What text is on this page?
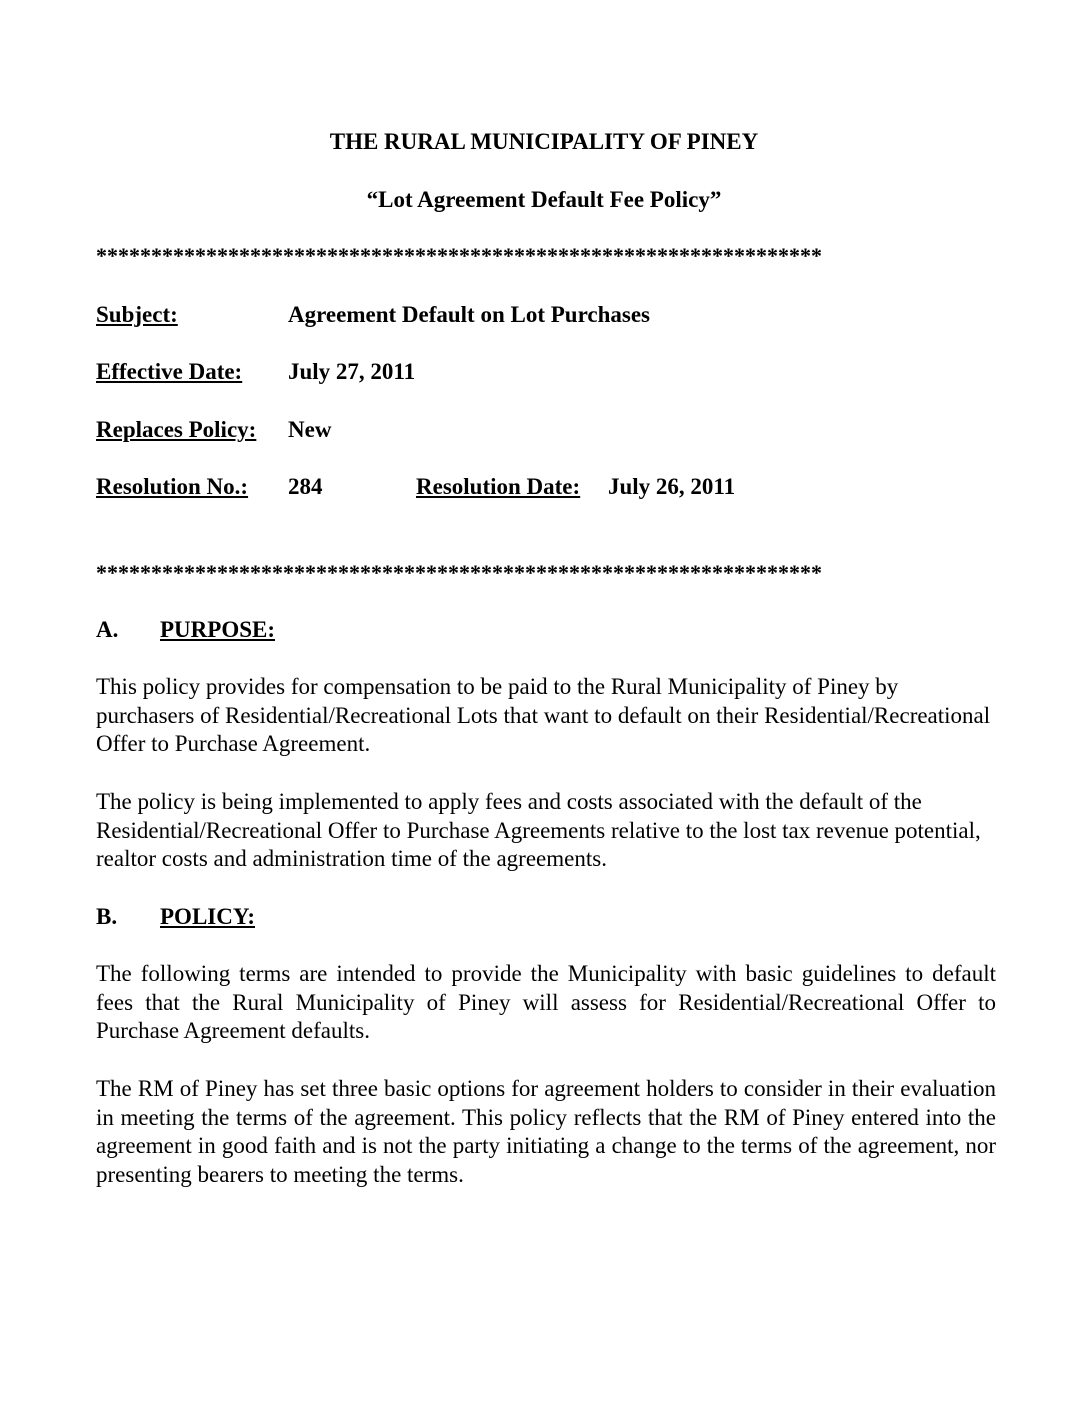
THE RURAL MUNICIPALITY OF PINEY
“Lot Agreement Default Fee Policy”
******************************************************************
Subject:	Agreement Default on Lot Purchases
Effective Date: July 27, 2011
Replaces Policy: New
Resolution No.: 284	Resolution Date: July 26, 2011
******************************************************************
A. PURPOSE:

This policy provides for compensation to be paid to the Rural Municipality of Piney by purchasers of Residential/Recreational Lots that want to default on their Residential/Recreational Offer to Purchase Agreement.

The policy is being implemented to apply fees and costs associated with the default of the Residential/Recreational Offer to Purchase Agreements relative to the lost tax revenue potential, realtor costs and administration time of the agreements.

B. POLICY:

The following terms are intended to provide the Municipality with basic guidelines to default fees that the Rural Municipality of Piney will assess for Residential/Recreational Offer to Purchase Agreement defaults.

The RM of Piney has set three basic options for agreement holders to consider in their evaluation in meeting the terms of the agreement. This policy reflects that the RM of Piney entered into the agreement in good faith and is not the party initiating a change to the terms of the agreement, nor presenting bearers to meeting the terms.
